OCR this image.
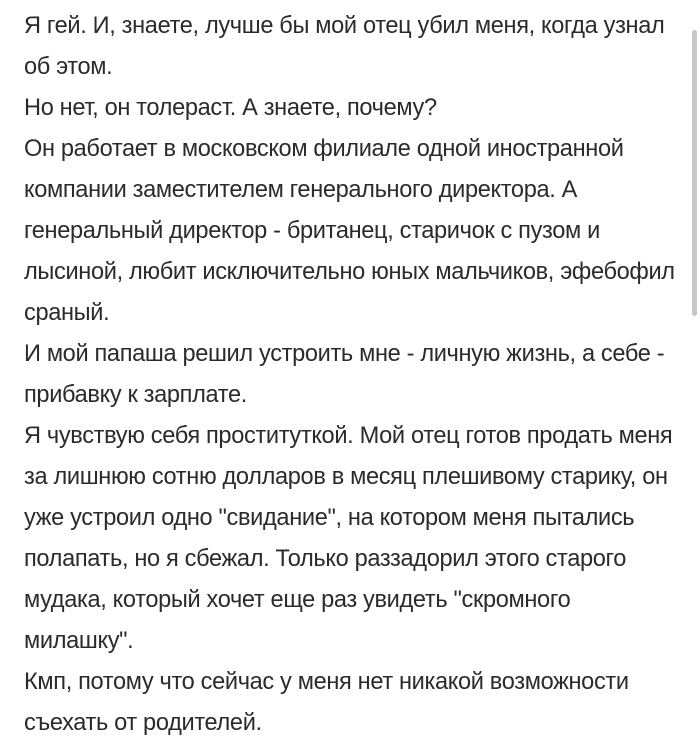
Я гей. И, знаете, лучше бы мой отец убил меня, когда узнал об этом.

Но нет, он толераст. А знаете, почему?

Он работает в московском филиале одной иностранной компании заместителем генерального директора. А генеральный директор - британец, старичок с пузом и лысиной, любит исключительно юных мальчиков, эфебофил сраный.

И мой папаша решил устроить мне - личную жизнь, а себе - прибавку к зарплате.

Я чувствую себя проституткой. Мой отец готов продать меня за лишнюю сотню долларов в месяц плешивому старику, он уже устроил одно "свидание", на котором меня пытались полапать, но я сбежал. Только раззадорил этого старого мудака, который хочет еще раз увидеть "скромного милашку".

Кмп, потому что сейчас у меня нет никакой возможности съехать от родителей.
